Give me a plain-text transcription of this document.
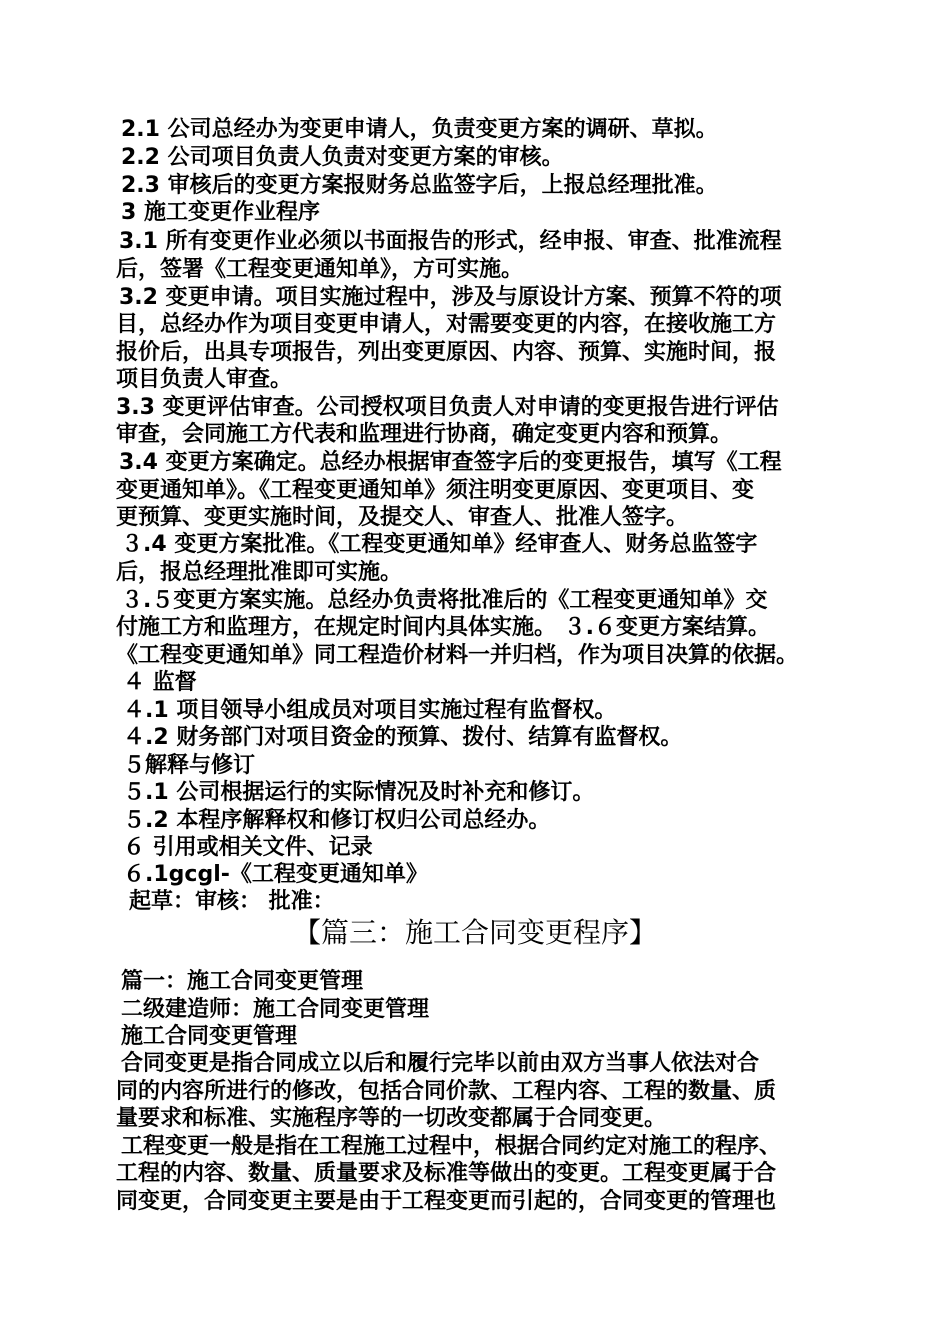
2.1 公司总经办为变更申请人，负责变更方案的调研、草拟。
2.2 公司项目负责人负责对变更方案的审核。
2.3 审核后的变更方案报财务总监签字后，上报总经理批准。
3 施工变更作业程序
3.1 所有变更作业必须以书面报告的形式，经申报、审查、批准流程
后，签署《工程变更通知单》，方可实施。
3.2 变更申请。项目实施过程中，涉及与原设计方案、预算不符的项
目，总经办作为项目变更申请人，对需要变更的内容，在接收施工方
报价后，出具专项报告，列出变更原因、内容、预算、实施时间，报
项目负责人审查。
3.3 变更评估审查。公司授权项目负责人对申请的变更报告进行评估
审查，会同施工方代表和监理进行协商，确定变更内容和预算。
3.4 变更方案确定。总经办根据审查签字后的变更报告，填写《工程
变更通知单》。《工程变更通知单》须注明变更原因、变更项目、变
更预算、变更实施时间，及提交人、审查人、批准人签字。
３.4 变更方案批准。《工程变更通知单》经审查人、财务总监签字
后，报总经理批准即可实施。
３.５变更方案实施。总经办负责将批准后的《工程变更通知单》交
付施工方和监理方，在规定时间内具体实施。 ３.６变更方案结算。
《工程变更通知单》同工程造价材料一并归档，作为项目决算的依据。
４ 监督
４.1 项目领导小组成员对项目实施过程有监督权。
４.2 财务部门对项目资金的预算、拨付、结算有监督权。
５解释与修订
５.1 公司根据运行的实际情况及时补充和修订。
５.2 本程序解释权和修订权归公司总经办。
６ 引用或相关文件、记录
６.1gcgl-《工程变更通知单》
起草：审核： 批准：
【篇三：施工合同变更程序】
篇一：施工合同变更管理
二级建造师：施工合同变更管理
施工合同变更管理
合同变更是指合同成立以后和履行完毕以前由双方当事人依法对合
同的内容所进行的修改，包括合同价款、工程内容、工程的数量、质
量要求和标准、实施程序等的一切改变都属于合同变更。
工程变更一般是指在工程施工过程中，根据合同约定对施工的程序、
工程的内容、数量、质量要求及标准等做出的变更。工程变更属于合
同变更，合同变更主要是由于工程变更而引起的，合同变更的管理也
